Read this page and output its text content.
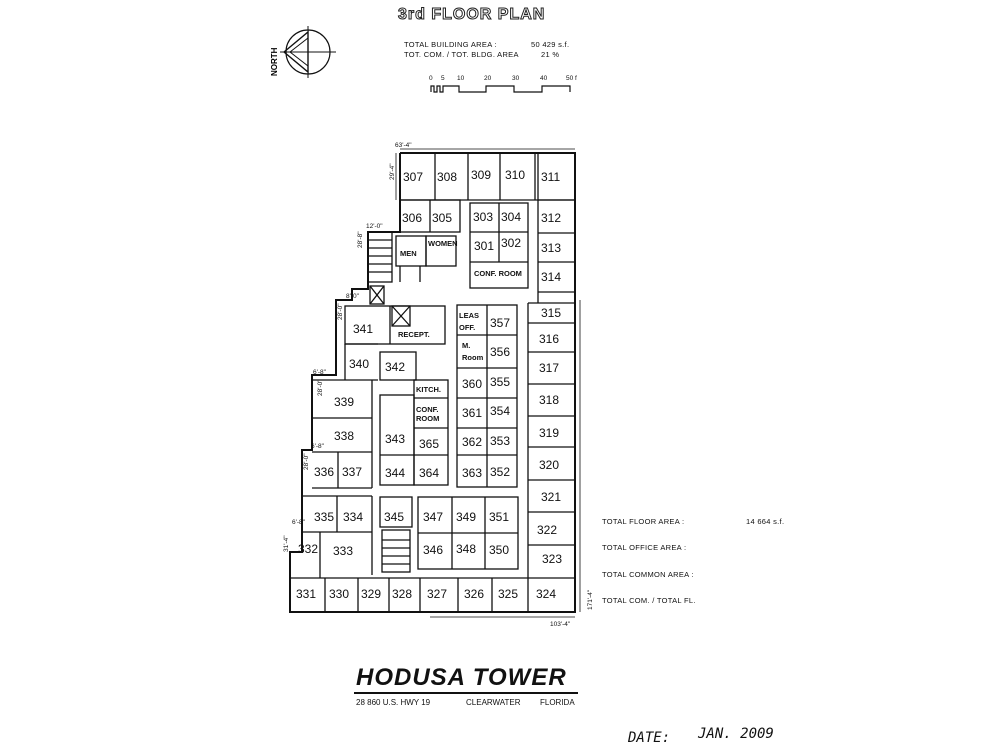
3rd FLOOR PLAN
NORTH
TOTAL BUILDING AREA :	50 429 s.f.
TOT. COM. / TOT. BLDG. AREA	21 %
0 5 10	20	30	40	50 f
63'-4"
103'-4"
171'-4"
29'-4"
12'-0"
28'-8"
8'-0"
28'-0"
6'-8"
28'-0"
6'-8"
28'-0"
6'-8"
31'-4"
307 308 309 310 311
306 305 303 304 312
301 302 313
314
315
341	357
316
340 342
356
317
339
360 355
318
361 354
338	343 365 362 353
319
336 337 344 364 363 352 320
321
335 334 345 347 349 351
322
332 333	346 348 350
323
331 330 329 328 327 326 325 324
MEN
WOMEN
CONF. ROOM
RECEPT.
LEAS
OFF.
M.
Room
KITCH.
CONF.
ROOM
TOTAL FLOOR AREA :	14 664 s.f.
TOTAL OFFICE AREA :
TOTAL COMMON AREA :
TOTAL COM. / TOTAL FL.
HODUSA TOWER
28 860 U.S. HWY 19	CLEARWATER FLORIDA
DATE: JAN. 2009
